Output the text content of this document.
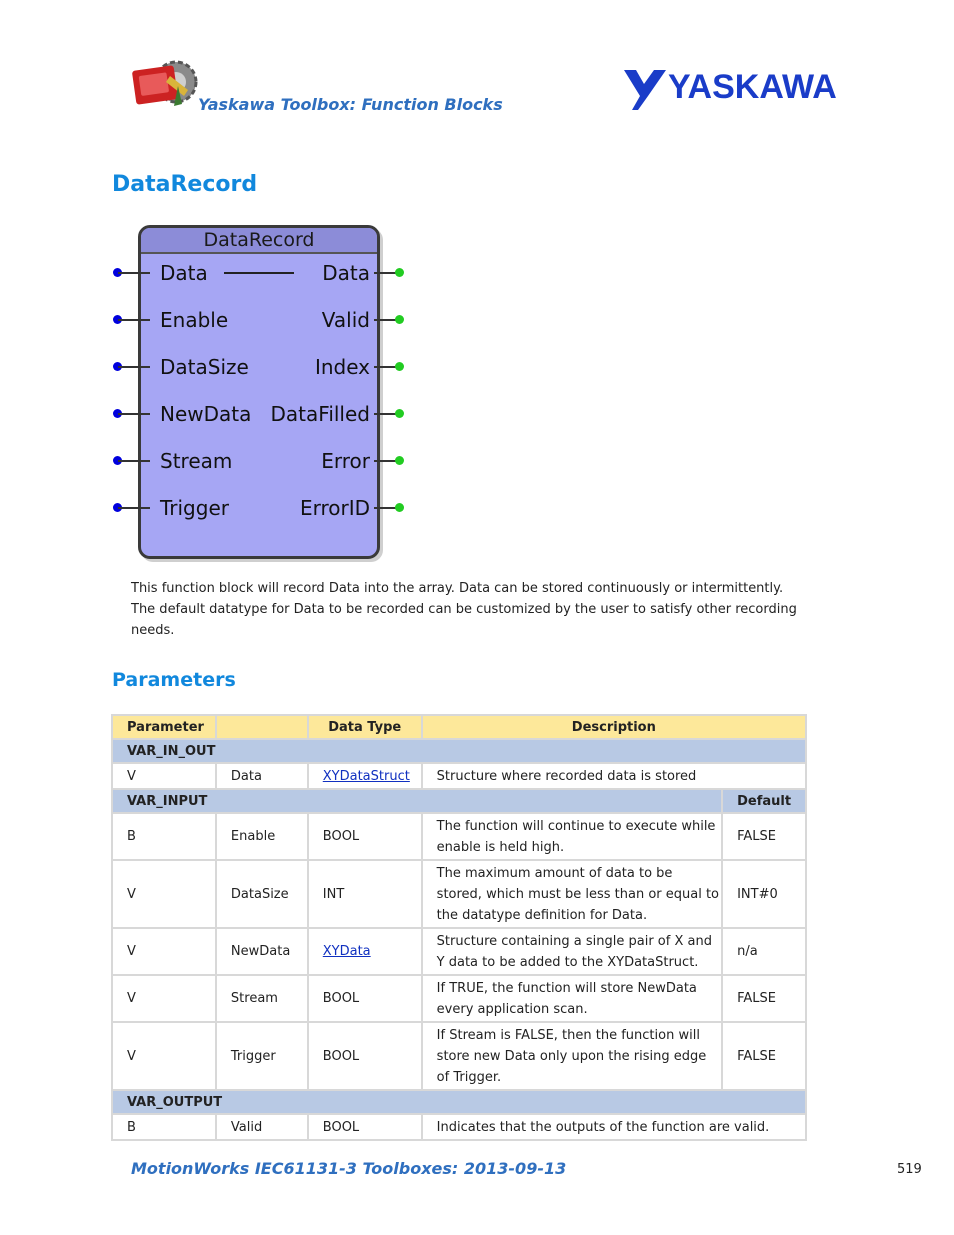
Yaskawa Toolbox: Function Blocks	YASKAWA
DataRecord
DataRecord
Data
Enable
DataSize
NewData
Stream
Trigger
Data
Valid
Index
DataFilled
Error
ErrorID
This function block will record Data into the array. Data can be stored continuously or intermittently. The default datatype for Data to be recorded can be customized by the user to satisfy other recording needs.
Parameters
Parameter		Data Type	Description	
VAR_IN_OUT				
V	Data	XYDataStruct	Structure where recorded data is stored	
VAR_INPUT				Default
B	Enable	BOOL	The function will continue to execute while enable is held high.	FALSE
V	DataSize	INT	The maximum amount of data to be stored, which must be less than or equal to the datatype definition for Data.	INT#0
V	NewData	XYData	Structure containing a single pair of X and Y data to be added to the XYDataStruct.	n/a
V	Stream	BOOL	If TRUE, the function will store NewData every application scan.	FALSE
V	Trigger	BOOL	If Stream is FALSE, then the function will store new Data only upon the rising edge of Trigger.	FALSE
VAR_OUTPUT				
B	Valid	BOOL	Indicates that the outputs of the function are valid.	
MotionWorks IEC61131-3 Toolboxes: 2013-09-13	519
